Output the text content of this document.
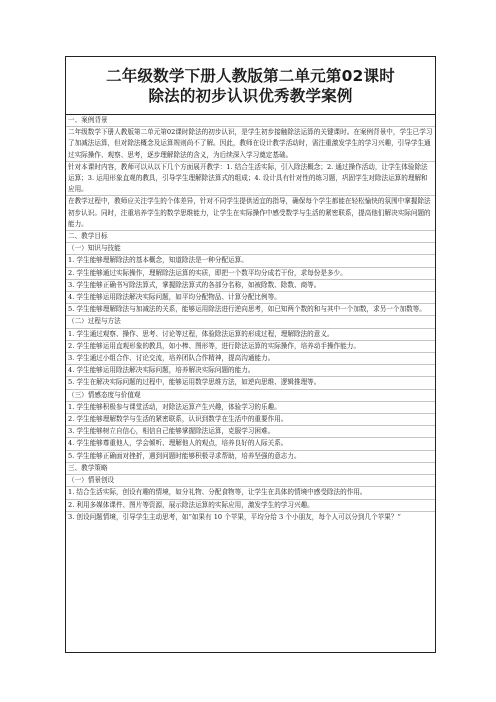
二年级数学下册人教版第二单元第02课时
除法的初步认识优秀教学案例
一、案例背景
二年级数学下册人教版第二单元第02课时除法的初步认识，是学生初步接触除法运算的关键课时。在案例背景中，学生已学习了加减法运算，但对除法概念及运算规则尚不了解。因此，教师在设计教学活动时，需注重激发学生的学习兴趣，引导学生通过实际操作、观察、思考，逐步理解除法的含义，为后续深入学习奠定基础。
针对本课时内容，教师可以从以下几个方面展开教学：1. 结合生活实际，引入除法概念；2. 通过操作活动，让学生体验除法运算；3. 运用形象直观的教具，引导学生理解除法算式的组成；4. 设计具有针对性的练习题，巩固学生对除法运算的理解和应用。
在教学过程中，教师应关注学生的个体差异，针对不同学生提供适宜的指导，确保每个学生都能在轻松愉快的氛围中掌握除法初步认识。同时，注重培养学生的数学思维能力，让学生在实际操作中感受数学与生活的紧密联系，提高他们解决实际问题的能力。
二、教学目标
（一）知识与技能
1. 学生能够理解除法的基本概念，知道除法是一种分配运算。
2. 学生能够通过实际操作，理解除法运算的实质，即把一个数平均分成若干份，求每份是多少。
3. 学生能够正确书写除法算式，掌握除法算式的各部分名称，如被除数、除数、商等。
4. 学生能够运用除法解决实际问题，如平均分配物品、计算分配比例等。
5. 学生能够理解除法与加减法的关系，能够运用除法进行逆向思考，如已知两个数的和与其中一个加数，求另一个加数等。
（二）过程与方法
1. 学生通过观察、操作、思考、讨论等过程，体验除法运算的形成过程，理解除法的意义。
2. 学生能够运用直观形象的教具，如小棒、图形等，进行除法运算的实际操作，培养动手操作能力。
3. 学生通过小组合作、讨论交流，培养团队合作精神，提高沟通能力。
4. 学生能够运用除法解决实际问题，培养解决实际问题的能力。
5. 学生在解决实际问题的过程中，能够运用数学思维方法，如逆向思维、逻辑推理等。
（三）情感态度与价值观
1. 学生能够积极参与课堂活动，对除法运算产生兴趣，体验学习的乐趣。
2. 学生能够理解数学与生活的紧密联系，认识到数学在生活中的重要作用。
3. 学生能够树立自信心，相信自己能够掌握除法运算，克服学习困难。
4. 学生能够尊重他人，学会倾听、理解他人的观点，培养良好的人际关系。
5. 学生能够正确面对挫折，遇到问题时能够积极寻求帮助，培养坚强的意志力。
三、教学策略
（一）情景创设
1. 结合生活实际，创设有趣的情境，如分礼物、分配食物等，让学生在具体的情境中感受除法的作用。
2. 利用多媒体课件、图片等资源，展示除法运算的实际应用，激发学生的学习兴趣。
3. 创设问题情境，引导学生主动思考，如“如果有 10 个苹果，平均分给 3 个小朋友，每个人可以分到几个苹果？”
